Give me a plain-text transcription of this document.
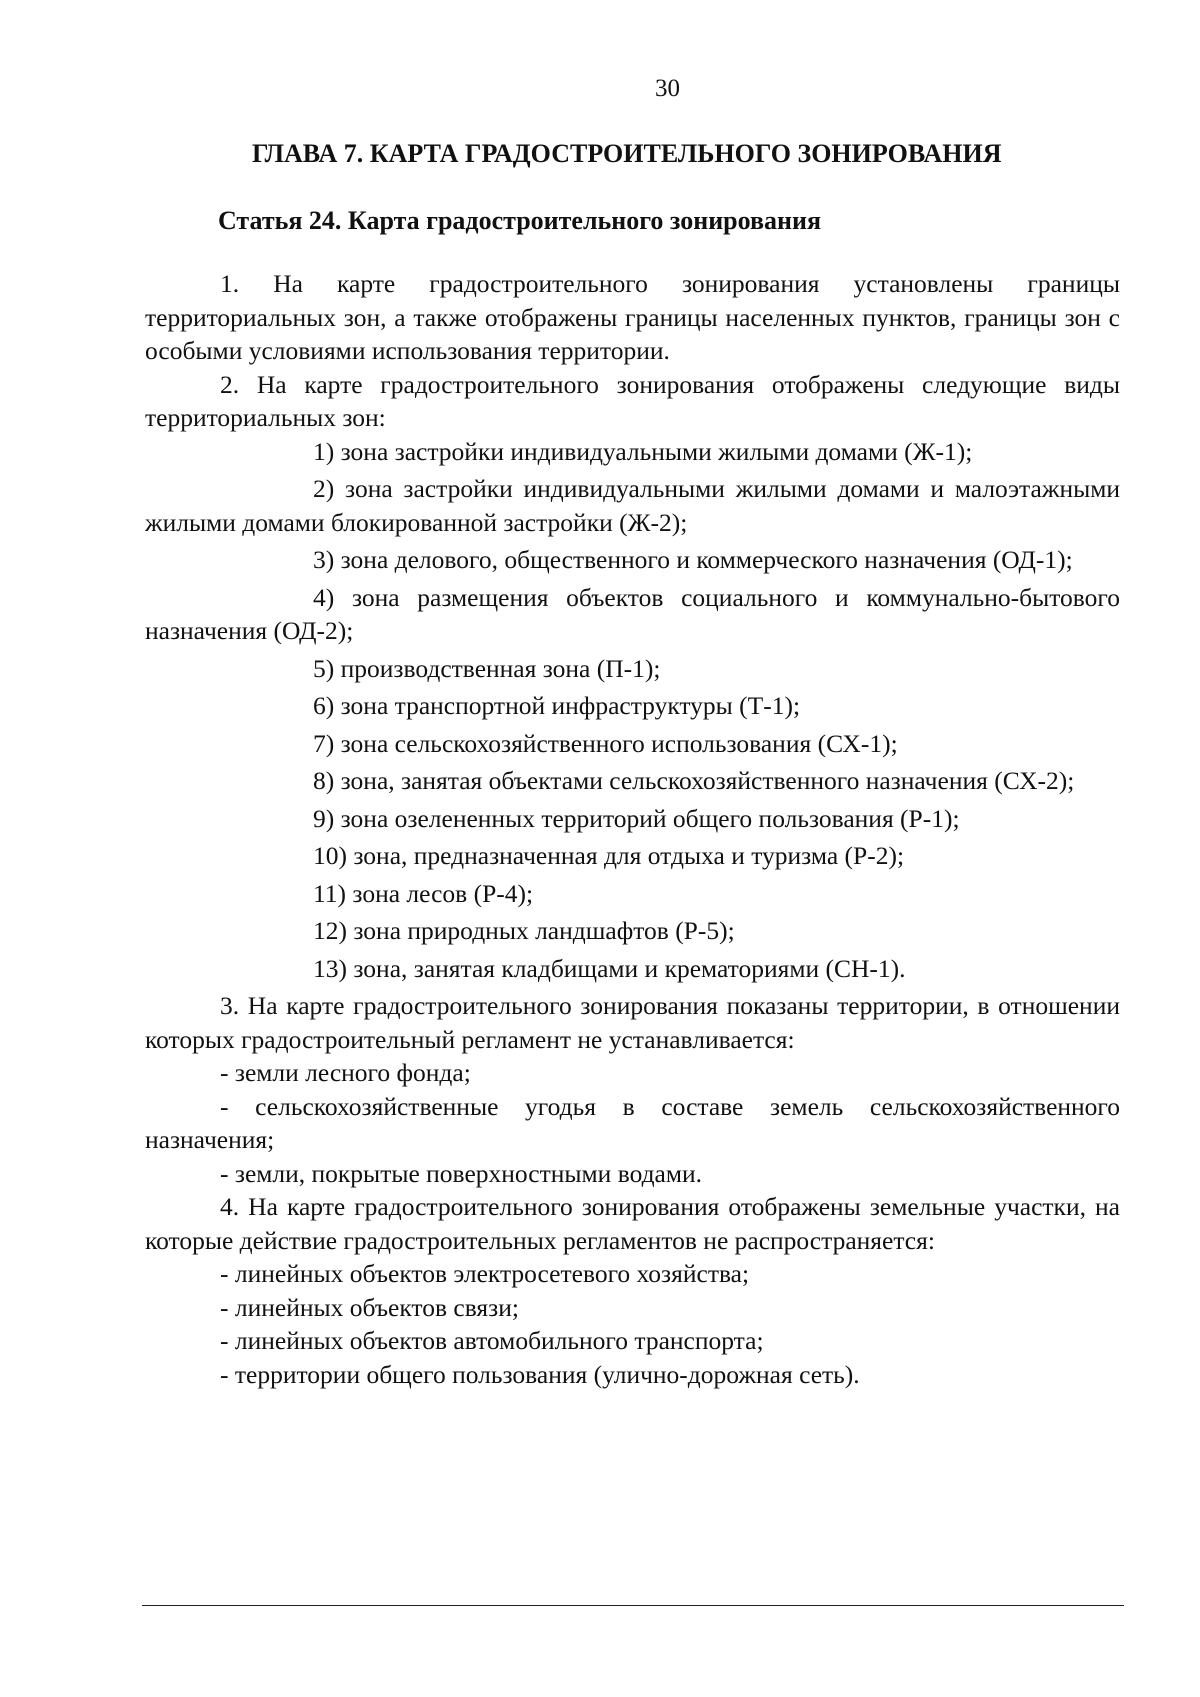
30
ГЛАВА 7. КАРТА ГРАДОСТРОИТЕЛЬНОГО ЗОНИРОВАНИЯ
Статья 24. Карта градостроительного зонирования

1. На карте градостроительного зонирования установлены границы территориальных зон, а также отображены границы населенных пунктов, границы зон с особыми условиями использования территории.

2. На карте градостроительного зонирования отображены следующие виды территориальных зон:

1) зона застройки индивидуальными жилыми домами (Ж-1);
2) зона застройки индивидуальными жилыми домами и малоэтажными жилыми домами блокированной застройки (Ж-2);
3) зона делового, общественного и коммерческого назначения (ОД-1);
4) зона размещения объектов социального и коммунально-бытового назначения (ОД-2);
5) производственная зона (П-1);
6) зона транспортной инфраструктуры (Т-1);
7) зона сельскохозяйственного использования (СХ-1);
8) зона, занятая объектами сельскохозяйственного назначения (СХ-2);
9) зона озелененных территорий общего пользования (Р-1);
10) зона, предназначенная для отдыха и туризма (Р-2);
11) зона лесов (Р-4);
12) зона природных ландшафтов (Р-5);
13) зона, занятая кладбищами и крематориями (СН-1).

3. На карте градостроительного зонирования показаны территории, в отношении которых градостроительный регламент не устанавливается:

- земли лесного фонда;
- сельскохозяйственные угодья в составе земель сельскохозяйственного назначения;
- земли, покрытые поверхностными водами.

4. На карте градостроительного зонирования отображены земельные участки, на которые действие градостроительных регламентов не распространяется:

- линейных объектов электросетевого хозяйства;
- линейных объектов связи;
- линейных объектов автомобильного транспорта;
- территории общего пользования (улично-дорожная сеть).
